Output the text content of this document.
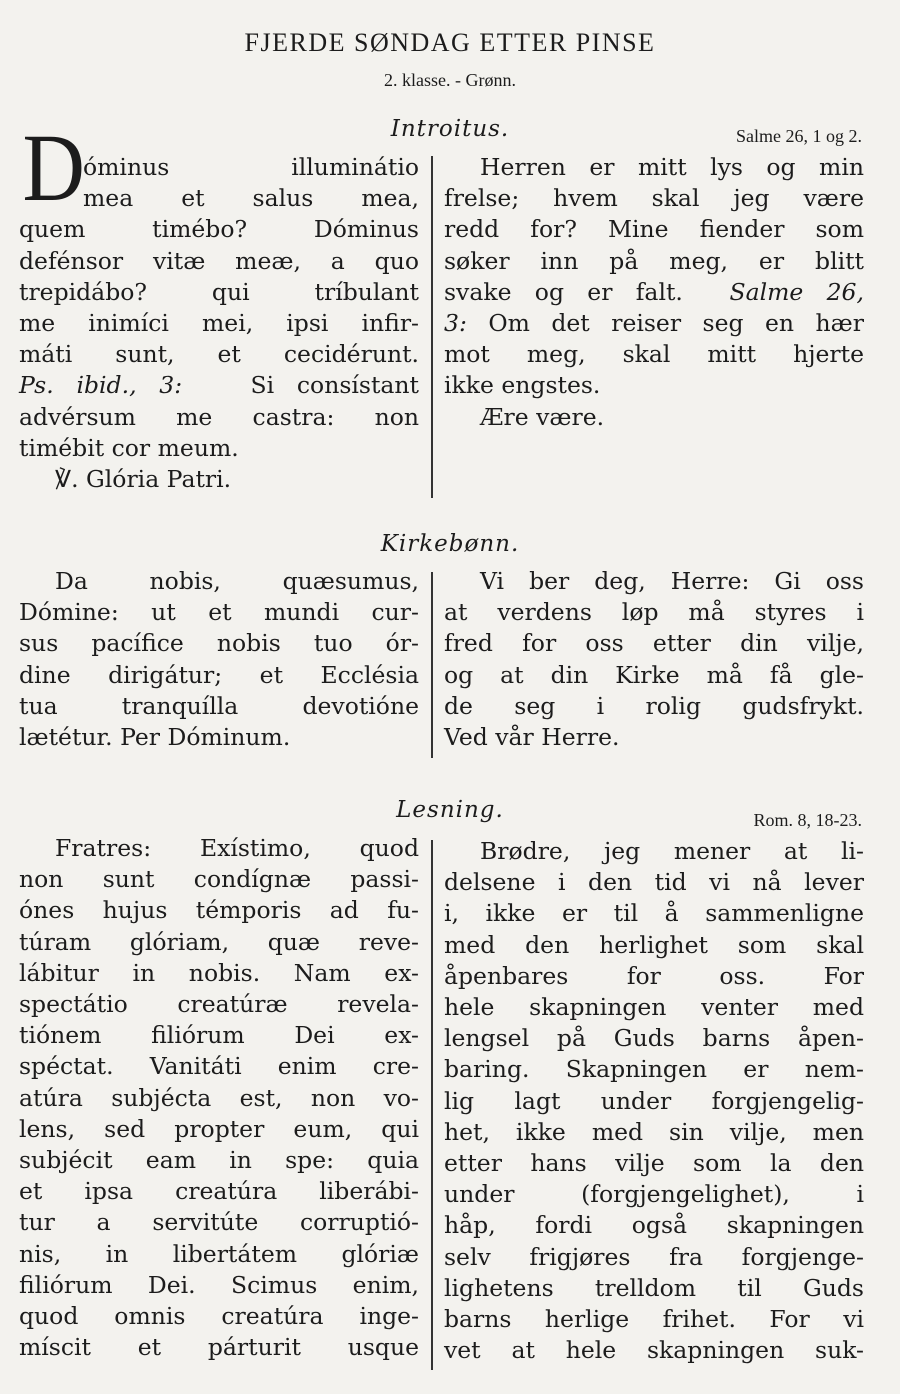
FJERDE SØNDAG ETTER PINSE
2. klasse. - Grønn.
Introitus.	Salme 26, 1 og 2.
D
óminus illuminátio
mea et salus mea,
quem timébo? Dóminus
defénsor vitæ meæ, a quo
trepidábo? qui tríbulant
me inimíci mei, ipsi infir-
máti sunt, et cecidérunt.
Ps. ibid., 3:	Si consístant
advérsum me castra: non
timébit cor meum.
℣. Glória Patri.
Herren er mitt lys og min
frelse; hvem skal jeg være
redd for? Mine fiender som
søker inn på meg, er blitt
svake og er falt. Salme 26,
3: Om det reiser seg en hær
mot meg, skal mitt hjerte
ikke engstes.
Ære være.
Kirkebønn.
Da nobis, quæsumus,
Dómine: ut et mundi cur-
sus pacífice nobis tuo ór-
dine dirigátur; et Ecclésia
tua tranquílla devotióne
lætétur. Per Dóminum.
Vi ber deg, Herre: Gi oss
at verdens løp må styres i
fred for oss etter din vilje,
og at din Kirke må få gle-
de seg i rolig gudsfrykt.
Ved vår Herre.
Lesning.	Rom. 8, 18-23.
Fratres: Exístimo, quod
non sunt condígnæ passi-
ónes hujus témporis ad fu-
túram glóriam, quæ reve-
lábitur in nobis. Nam ex-
spectátio creatúræ revela-
tiónem filiórum Dei ex-
spéctat. Vanitáti enim cre-
atúra subjécta est, non vo-
lens, sed propter eum, qui
subjécit eam in spe: quia
et ipsa creatúra liberábi-
tur a servitúte corruptió-
nis, in libertátem glóriæ
filiórum Dei. Scimus enim,
quod omnis creatúra inge-
míscit et párturit usque
Brødre, jeg mener at li-
delsene i den tid vi nå lever
i, ikke er til å sammenligne
med den herlighet som skal
åpenbares for oss. For
hele skapningen venter med
lengsel på Guds barns åpen-
baring. Skapningen er nem-
lig lagt under forgjengelig-
het, ikke med sin vilje, men
etter hans vilje som la den
under (forgjengelighet), i
håp, fordi også skapningen
selv frigjøres fra forgjenge-
lighetens trelldom til Guds
barns herlige frihet. For vi
vet at hele skapningen suk-
